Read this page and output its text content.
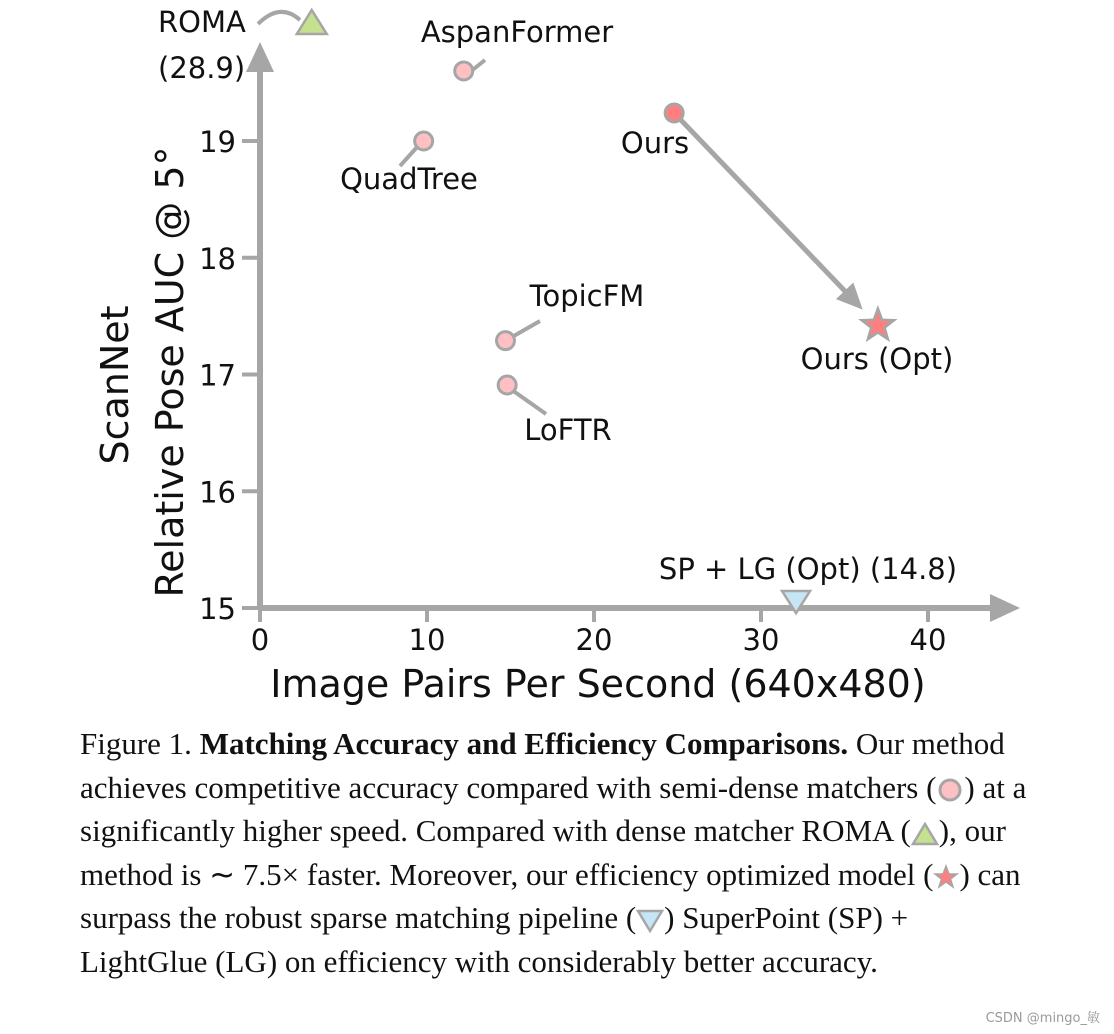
0	10	20	30	40
15
16
17
18
19
ROMA
(28.9)
AspanFormer
QuadTree
Ours
Ours (Opt)
TopicFM
LoFTR
SP + LG (Opt) (14.8)
Image Pairs Per Second (640x480)
ScanNet Relative Pose AUC @ 5°
Figure 1. Matching Accuracy and Efficiency Comparisons. Our method achieves competitive accuracy compared with semi-dense matchers ( ) at a significantly higher speed. Compared with dense matcher ROMA ( ), our method is ∼ 7.5× faster. Moreover, our efficiency optimized model ( ) can surpass the robust sparse matching pipeline ( ) SuperPoint (SP) + LightGlue (LG) on efficiency with considerably better accuracy.
CSDN @mingo_敏
